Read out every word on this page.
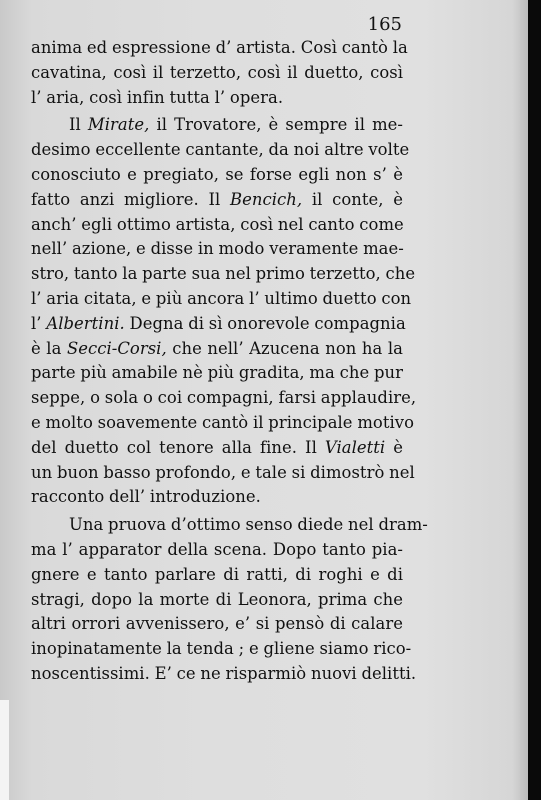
165
anima ed espressione d’ artista. Così cantò la
cavatina, così il terzetto, così il duetto, così
l’ aria, così infin tutta l’ opera.
Il Mirate, il Trovatore, è sempre il me-
desimo eccellente cantante, da noi altre volte
conosciuto e pregiato, se forse egli non s’ è
fatto anzi migliore. Il Bencich, il conte, è
anch’ egli ottimo artista, così nel canto come
nell’ azione, e disse in modo veramente mae-
stro, tanto la parte sua nel primo terzetto, che
l’ aria citata, e più ancora l’ ultimo duetto con
l’ Albertini. Degna di sì onorevole compagnia
è la Secci-Corsi, che nell’ Azucena non ha la
parte più amabile nè più gradita, ma che pur
seppe, o sola o coi compagni, farsi applaudire,
e molto soavemente cantò il principale motivo
del duetto col tenore alla fine. Il Vialetti è
un buon basso profondo, e tale si dimostrò nel
racconto dell’ introduzione.
Una pruova d’ottimo senso diede nel dram-
ma l’ apparator della scena. Dopo tanto pia-
gnere e tanto parlare di ratti, di roghi e di
stragi, dopo la morte di Leonora, prima che
altri orrori avvenissero, e’ si pensò di calare
inopinatamente la tenda ; e gliene siamo rico-
noscentissimi. E’ ce ne risparmiò nuovi delitti.
